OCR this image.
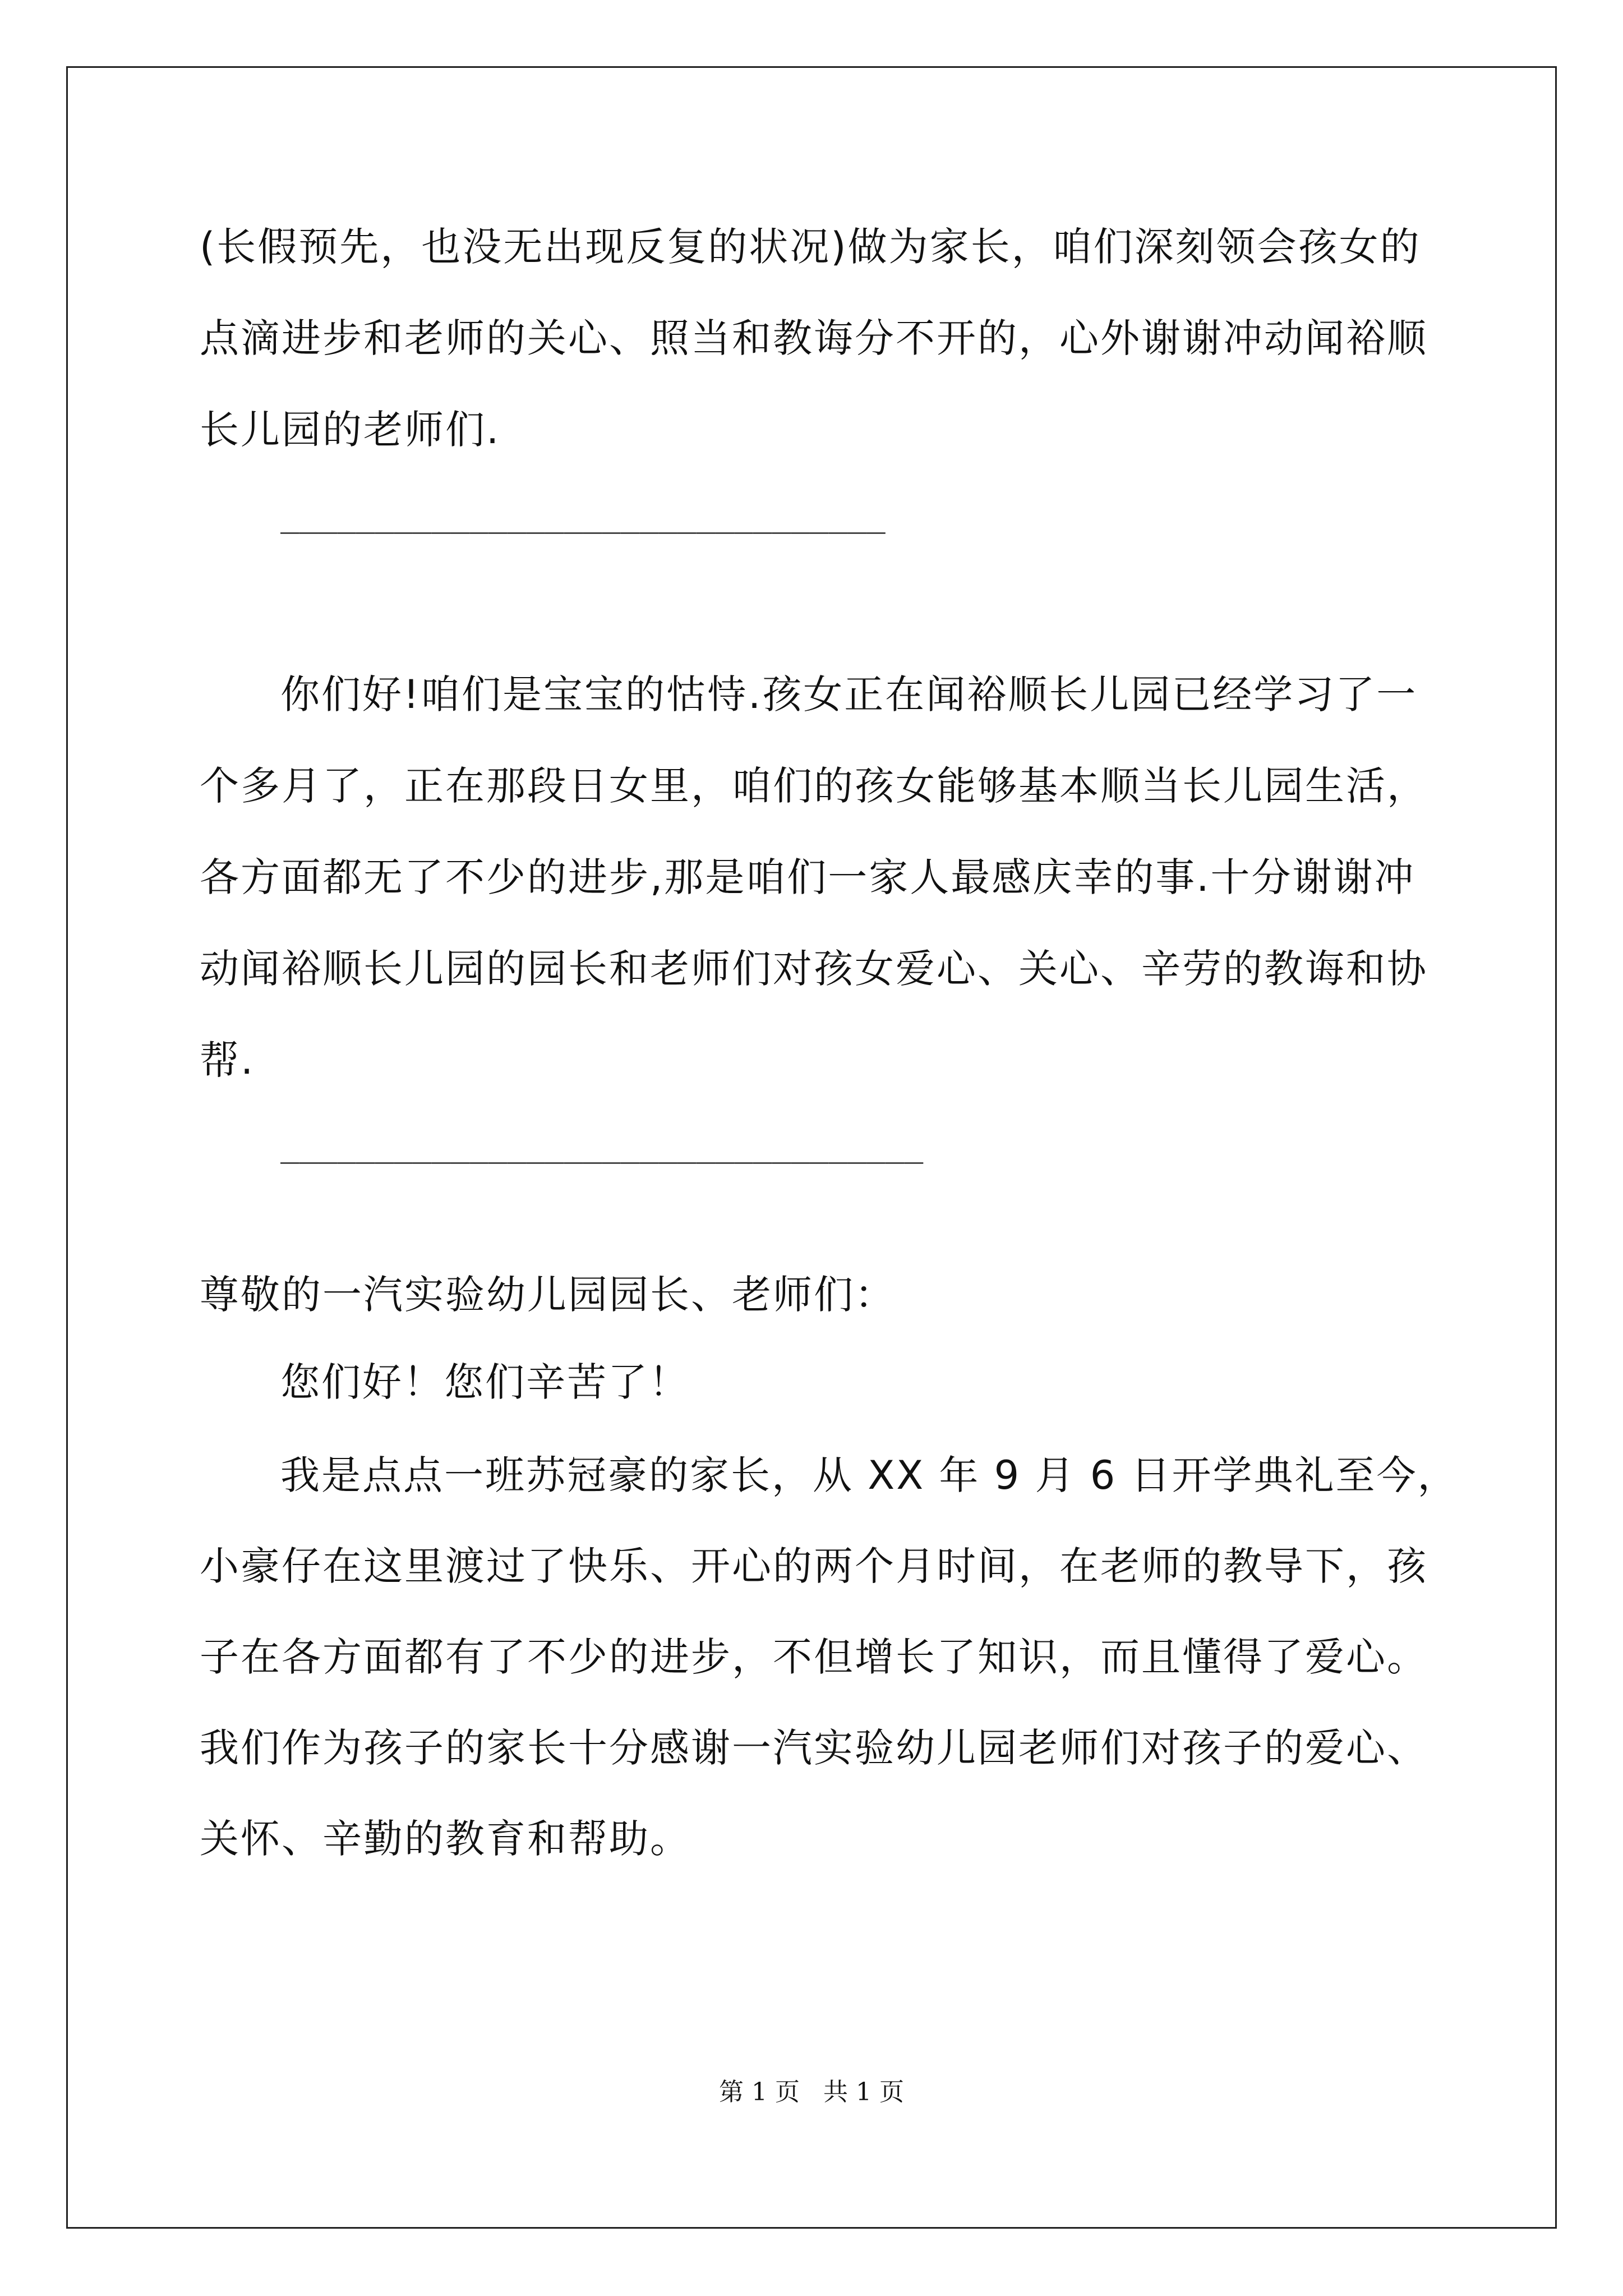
(长假预先，也没无出现反复的状况)做为家长，咱们深刻领会孩女的
点滴进步和老师的关心、照当和教诲分不开的，心外谢谢冲动闻裕顺
长儿园的老师们.
________________________________
你们好!咱们是宝宝的怙恃.孩女正在闻裕顺长儿园已经学习了一
个多月了，正在那段日女里，咱们的孩女能够基本顺当长儿园生活，
各方面都无了不少的进步,那是咱们一家人最感庆幸的事.十分谢谢冲
动闻裕顺长儿园的园长和老师们对孩女爱心、关心、辛劳的教诲和协
帮.
__________________________________
尊敬的一汽实验幼儿园园长、老师们：
您们好！您们辛苦了！
我是点点一班苏冠豪的家长，从 XX 年 9 月 6 日开学典礼至今，
小豪仔在这里渡过了快乐、开心的两个月时间，在老师的教导下，孩
子在各方面都有了不少的进步，不但增长了知识，而且懂得了爱心。
我们作为孩子的家长十分感谢一汽实验幼儿园老师们对孩子的爱心、
关怀、辛勤的教育和帮助。
第 1 页   共 1 页
